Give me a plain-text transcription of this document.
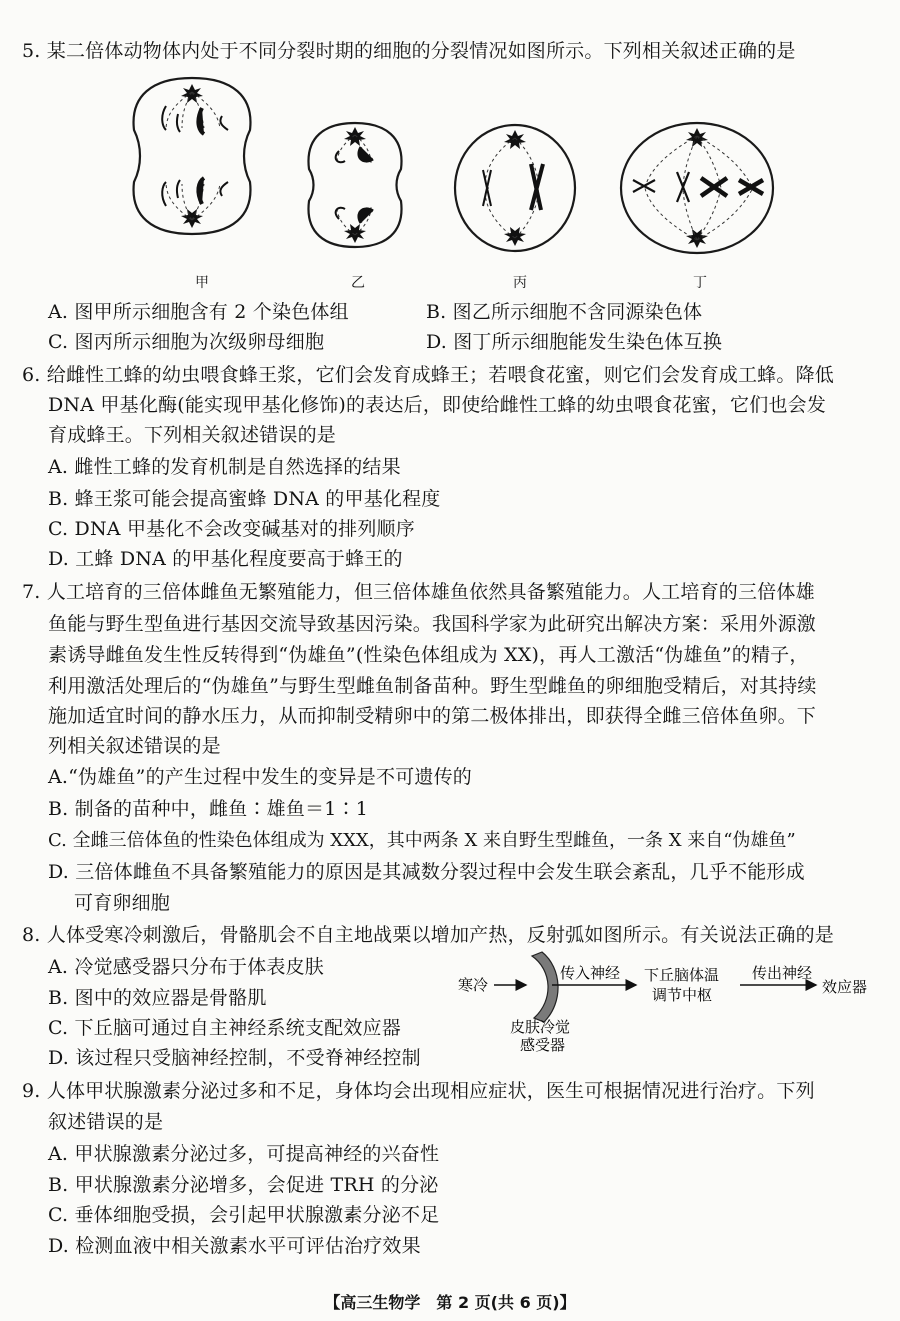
5. 某二倍体动物体内处于不同分裂时期的细胞的分裂情况如图所示。下列相关叙述正确的是
甲	乙	丙	丁
A. 图甲所示细胞含有 2 个染色体组	B. 图乙所示细胞不含同源染色体
C. 图丙所示细胞为次级卵母细胞	D. 图丁所示细胞能发生染色体互换
6. 给雌性工蜂的幼虫喂食蜂王浆，它们会发育成蜂王；若喂食花蜜，则它们会发育成工蜂。降低
DNA 甲基化酶(能实现甲基化修饰)的表达后，即使给雌性工蜂的幼虫喂食花蜜，它们也会发
育成蜂王。下列相关叙述错误的是
A. 雌性工蜂的发育机制是自然选择的结果
B. 蜂王浆可能会提高蜜蜂 DNA 的甲基化程度
C. DNA 甲基化不会改变碱基对的排列顺序
D. 工蜂 DNA 的甲基化程度要高于蜂王的
7. 人工培育的三倍体雌鱼无繁殖能力，但三倍体雄鱼依然具备繁殖能力。人工培育的三倍体雄
鱼能与野生型鱼进行基因交流导致基因污染。我国科学家为此研究出解决方案：采用外源激
素诱导雌鱼发生性反转得到“伪雄鱼”(性染色体组成为 XX)，再人工激活“伪雄鱼”的精子，
利用激活处理后的“伪雄鱼”与野生型雌鱼制备苗种。野生型雌鱼的卵细胞受精后，对其持续
施加适宜时间的静水压力，从而抑制受精卵中的第二极体排出，即获得全雌三倍体鱼卵。下
列相关叙述错误的是
A.“伪雄鱼”的产生过程中发生的变异是不可遗传的
B. 制备的苗种中，雌鱼∶雄鱼＝1∶1
C. 全雌三倍体鱼的性染色体组成为 XXX，其中两条 X 来自野生型雌鱼，一条 X 来自“伪雄鱼”
D. 三倍体雌鱼不具备繁殖能力的原因是其减数分裂过程中会发生联会紊乱，几乎不能形成
可育卵细胞
8. 人体受寒冷刺激后，骨骼肌会不自主地战栗以增加产热，反射弧如图所示。有关说法正确的是
A. 冷觉感受器只分布于体表皮肤
B. 图中的效应器是骨骼肌
C. 下丘脑可通过自主神经系统支配效应器
D. 该过程只受脑神经控制，不受脊神经控制
寒冷
传入神经 下丘脑体温
调节中枢
传出神经
效应器
皮肤冷觉
感受器
9. 人体甲状腺激素分泌过多和不足，身体均会出现相应症状，医生可根据情况进行治疗。下列
叙述错误的是
A. 甲状腺激素分泌过多，可提高神经的兴奋性
B. 甲状腺激素分泌增多，会促进 TRH 的分泌
C. 垂体细胞受损，会引起甲状腺激素分泌不足
D. 检测血液中相关激素水平可评估治疗效果
【高三生物学　第 2 页(共 6 页)】
